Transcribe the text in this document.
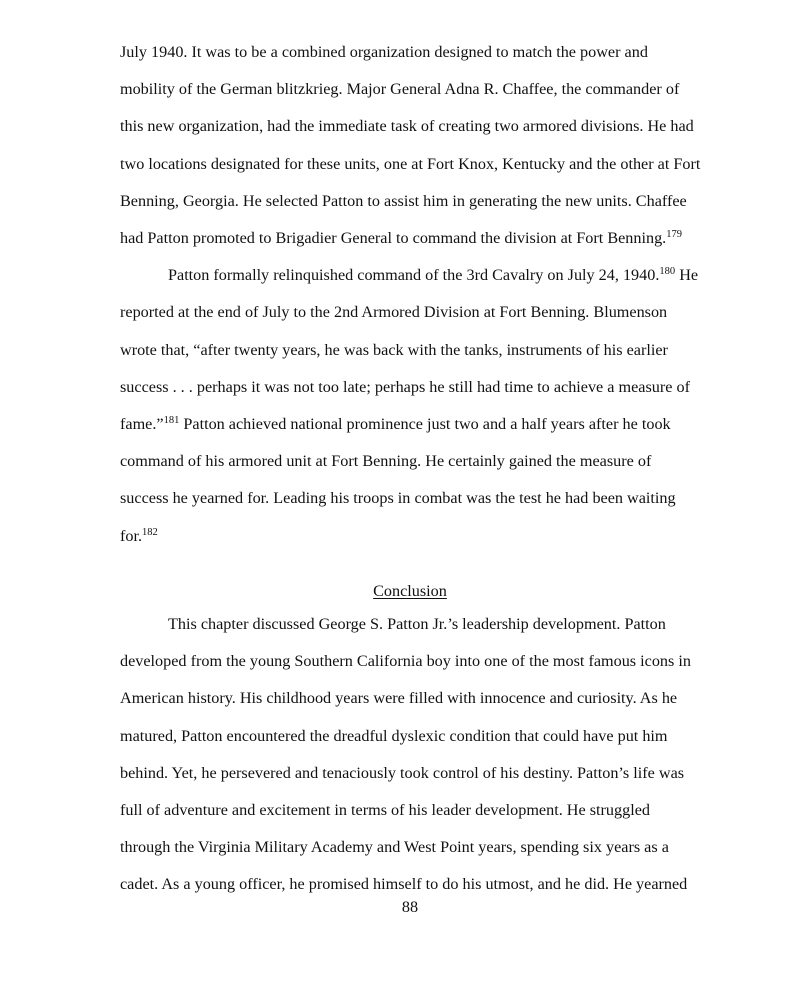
July 1940. It was to be a combined organization designed to match the power and
mobility of the German blitzkrieg. Major General Adna R. Chaffee, the commander of
this new organization, had the immediate task of creating two armored divisions. He had
two locations designated for these units, one at Fort Knox, Kentucky and the other at Fort
Benning, Georgia. He selected Patton to assist him in generating the new units. Chaffee
had Patton promoted to Brigadier General to command the division at Fort Benning.$^{179}$

Patton formally relinquished command of the 3rd Cavalry on July 24, 1940.$^{180}$ He

reported at the end of July to the 2nd Armored Division at Fort Benning. Blumenson
wrote that, “after twenty years, he was back with the tanks, instruments of his earlier
success . . . perhaps it was not too late; perhaps he still had time to achieve a measure of
fame.”$^{181}$ Patton achieved national prominence just two and a half years after he took
command of his armored unit at Fort Benning. He certainly gained the measure of
success he yearned for. Leading his troops in combat was the test he had been waiting
for.$^{182}$

Conclusion

This chapter discussed George S. Patton Jr.’s leadership development. Patton
developed from the young Southern California boy into one of the most famous icons in
American history. His childhood years were filled with innocence and curiosity. As he
matured, Patton encountered the dreadful dyslexic condition that could have put him
behind. Yet, he persevered and tenaciously took control of his destiny. Patton’s life was
full of adventure and excitement in terms of his leader development. He struggled
through the Virginia Military Academy and West Point years, spending six years as a
cadet. As a young officer, he promised himself to do his utmost, and he did. He yearned

88
